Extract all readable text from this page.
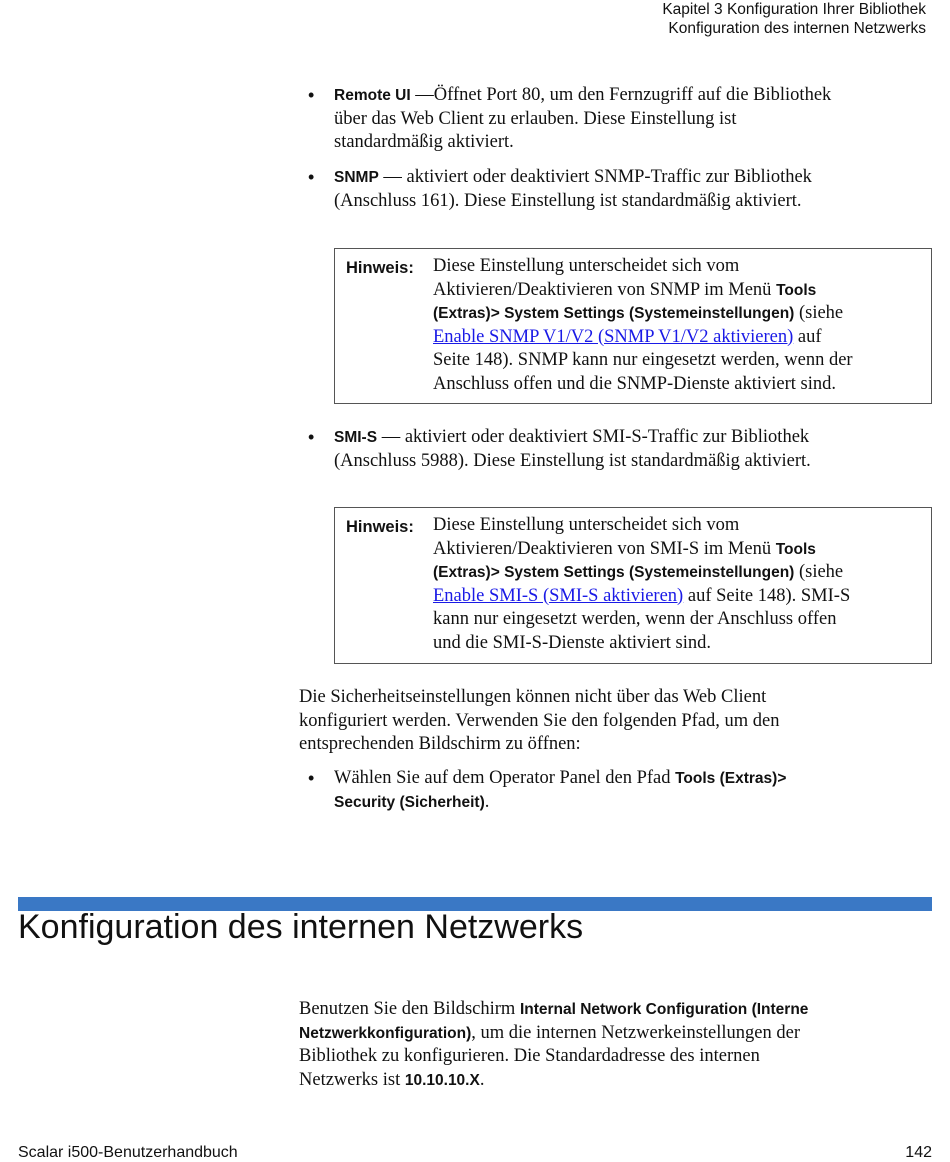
Kapitel 3 Konfiguration Ihrer Bibliothek
Konfiguration des internen Netzwerks
• Remote UI —Öffnet Port 80, um den Fernzugriff auf die Bibliothek
über das Web Client zu erlauben. Diese Einstellung ist
standardmäßig aktiviert.
• SNMP — aktiviert oder deaktiviert SNMP-Traffic zur Bibliothek
(Anschluss 161). Diese Einstellung ist standardmäßig aktiviert.
Hinweis: Diese Einstellung unterscheidet sich vom
Aktivieren/Deaktivieren von SNMP im Menü Tools
(Extras)> System Settings (Systemeinstellungen) (siehe
Enable SNMP V1/V2 (SNMP V1/V2 aktivieren) auf
Seite 148). SNMP kann nur eingesetzt werden, wenn der
Anschluss offen und die SNMP-Dienste aktiviert sind.
• SMI-S — aktiviert oder deaktiviert SMI-S-Traffic zur Bibliothek
(Anschluss 5988). Diese Einstellung ist standardmäßig aktiviert.
Hinweis: Diese Einstellung unterscheidet sich vom
Aktivieren/Deaktivieren von SMI-S im Menü Tools
(Extras)> System Settings (Systemeinstellungen) (siehe
Enable SMI-S (SMI-S aktivieren) auf Seite 148). SMI-S
kann nur eingesetzt werden, wenn der Anschluss offen
und die SMI-S-Dienste aktiviert sind.
Die Sicherheitseinstellungen können nicht über das Web Client
konfiguriert werden. Verwenden Sie den folgenden Pfad, um den
entsprechenden Bildschirm zu öffnen:
• Wählen Sie auf dem Operator Panel den Pfad Tools (Extras)>
Security (Sicherheit).
Konfiguration des internen Netzwerks
Benutzen Sie den Bildschirm Internal Network Configuration (Interne
Netzwerkkonfiguration), um die internen Netzwerkeinstellungen der
Bibliothek zu konfigurieren. Die Standardadresse des internen
Netzwerks ist 10.10.10.X.
Scalar i500-Benutzerhandbuch	142
